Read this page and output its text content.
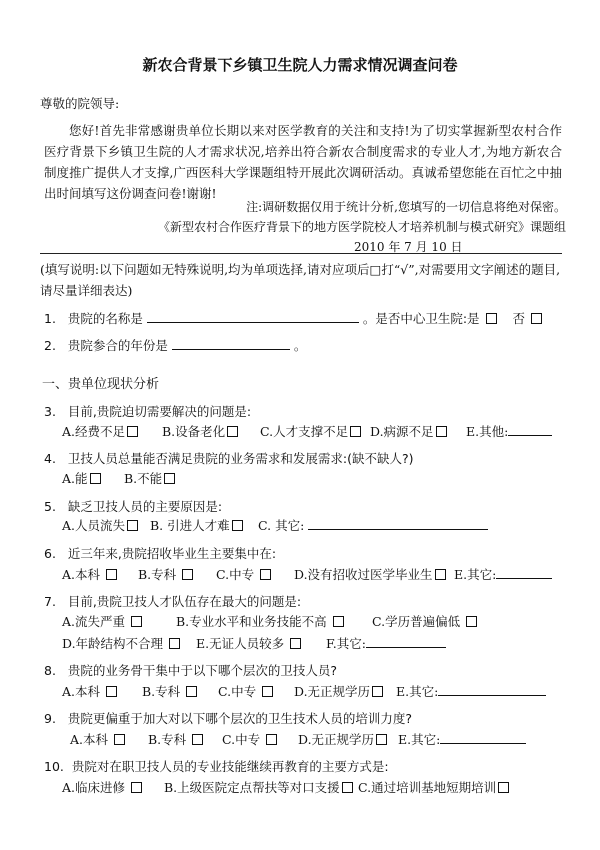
新农合背景下乡镇卫生院人力需求情况调查问卷
尊敬的院领导:
您好!首先非常感谢贵单位长期以来对医学教育的关注和支持!为了切实掌握新型农村合作医疗背景下乡镇卫生院的人才需求状况,培养出符合新农合制度需求的专业人才,为地方新农合制度推广提供人才支撑,广西医科大学课题组特开展此次调研活动。真诚希望您能在百忙之中抽出时间填写这份调查问卷!谢谢!
注:调研数据仅用于统计分析,您填写的一切信息将绝对保密。
《新型农村合作医疗背景下的地方医学院校人才培养机制与模式研究》课题组
2010 年 7 月 10 日
(填写说明:以下问题如无特殊说明,均为单项选择,请对应项后□打“√”,对需要用文字阐述的题目,请尽量详细表达)
1. 贵院的名称是	。是否中心卫生院:是	否
2. 贵院参合的年份是	。
一、贵单位现状分析
3. 目前,贵院迫切需要解决的问题是:
A.经费不足	B.设备老化	C.人才支撑不足	D.病源不足	E.其他:
4. 卫技人员总量能否满足贵院的业务需求和发展需求:(缺不缺人?)
A.能	B.不能
5. 缺乏卫技人员的主要原因是:
A.人员流失	B. 引进人才难	C. 其它:
6. 近三年来,贵院招收毕业生主要集中在:
A.本科	B.专科	C.中专	D.没有招收过医学毕业生	E.其它:
7. 目前,贵院卫技人才队伍存在最大的问题是:
A.流失严重	B.专业水平和业务技能不高	C.学历普遍偏低
D.年龄结构不合理	E.无证人员较多	F.其它:
8. 贵院的业务骨干集中于以下哪个层次的卫技人员?
A.本科	B.专科	C.中专	D.无正规学历	E.其它:
9. 贵院更偏重于加大对以下哪个层次的卫生技术人员的培训力度?
A.本科	B.专科	C.中专	D.无正规学历	E.其它:
10. 贵院对在职卫技人员的专业技能继续再教育的主要方式是:
A.临床进修	B.上级医院定点帮扶等对口支援	C.通过培训基地短期培训
